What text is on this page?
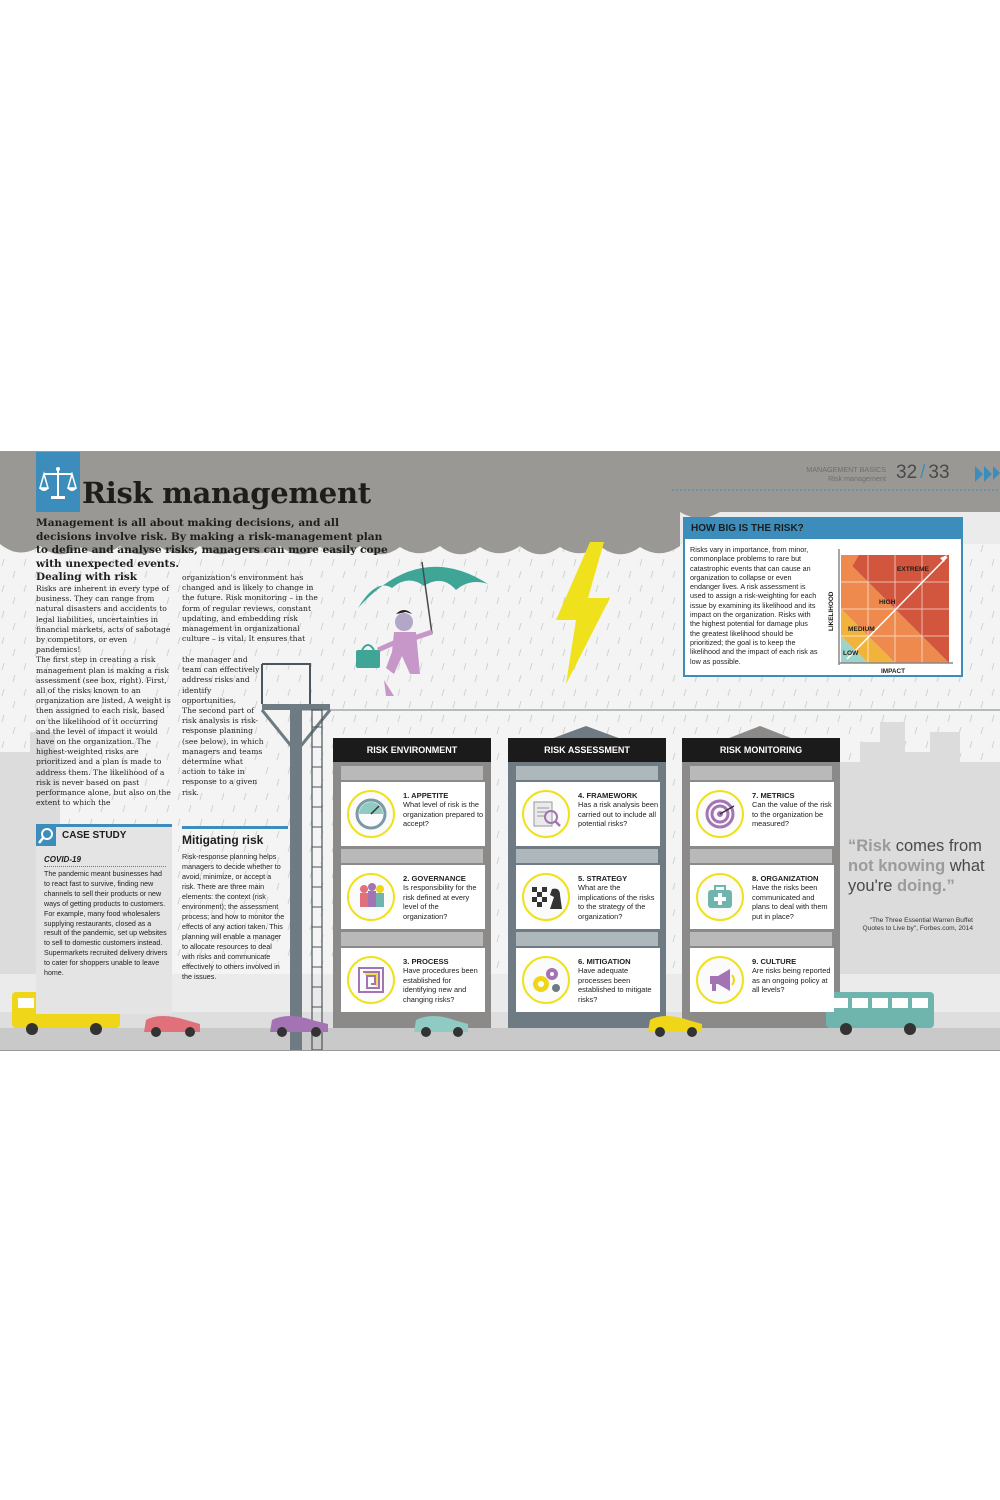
Risk management
Management is all about making decisions, and all decisions involve risk. By making a risk-management plan to define and analyse risks, managers can more easily cope with unexpected events.
MANAGEMENT BASICS
Risk management 32 / 33
Dealing with risk
Risks are inherent in every type of business. They can range from natural disasters and accidents to legal liabilities, uncertainties in financial markets, acts of sabotage by competitors, or even pandemics!
The first step in creating a risk management plan is making a risk assessment (see box, right). First, all of the risks known to an organization are listed. A weight is then assigned to each risk, based on the likelihood of it occurring and the level of impact it would have on the organization. The highest-weighted risks are prioritized and a plan is made to address them. The likelihood of a risk is never based on past performance alone, but also on the extent to which the
organization's environment has changed and is likely to change in the future. Risk monitoring – in the form of regular reviews, constant updating, and embedding risk management in organizational culture – is vital. It ensures that
the manager and team can effectively address risks and identify opportunities.
The second part of risk analysis is risk-response planning (see below), in which managers and teams determine what action to take in response to a given risk.
CASE STUDY
COVID-19
The pandemic meant businesses had to react fast to survive, finding new channels to sell their products or new ways of getting products to customers. For example, many food wholesalers supplying restaurants, closed as a result of the pandemic, set up websites to sell to domestic customers instead. Supermarkets recruited delivery drivers to cater for shoppers unable to leave home.
Mitigating risk
Risk-response planning helps managers to decide whether to avoid, minimize, or accept a risk. There are three main elements: the context (risk environment); the assessment process; and how to monitor the effects of any action taken. This planning will enable a manager to allocate resources to deal with risks and communicate effectively to others involved in the issues.
HOW BIG IS THE RISK?
Risks vary in importance, from minor, commonplace problems to rare but catastrophic events that can cause an organization to collapse or even endanger lives. A risk assessment is used to assign a risk-weighting for each issue by examining its likelihood and its impact on the organization. Risks with the highest potential for damage plus the greatest likelihood should be prioritized; the goal is to keep the likelihood and the impact of each risk as low as possible.
EXTREME
HIGH
MEDIUM
LOW
IMPACT
LIKELIHOOD
RISK ENVIRONMENT	RISK ASSESSMENT	RISK MONITORING
1. APPETITE
What level of risk is the organization prepared to accept?
2. GOVERNANCE
Is responsibility for the risk defined at every level of the organization?
3. PROCESS
Have procedures been established for identifying new and changing risks?
4. FRAMEWORK
Has a risk analysis been carried out to include all potential risks?
5. STRATEGY
What are the implications of the risks to the strategy of the organization?
6. MITIGATION
Have adequate processes been established to mitigate risks?
7. METRICS
Can the value of the risk to the organization be measured?
8. ORGANIZATION
Have the risks been communicated and plans to deal with them put in place?
9. CULTURE
Are risks being reported as an ongoing policy at all levels?
“Risk comes from not knowing what you're doing.”
"The Three Essential Warren Buffet Quotes to Live by", Forbes.com, 2014
